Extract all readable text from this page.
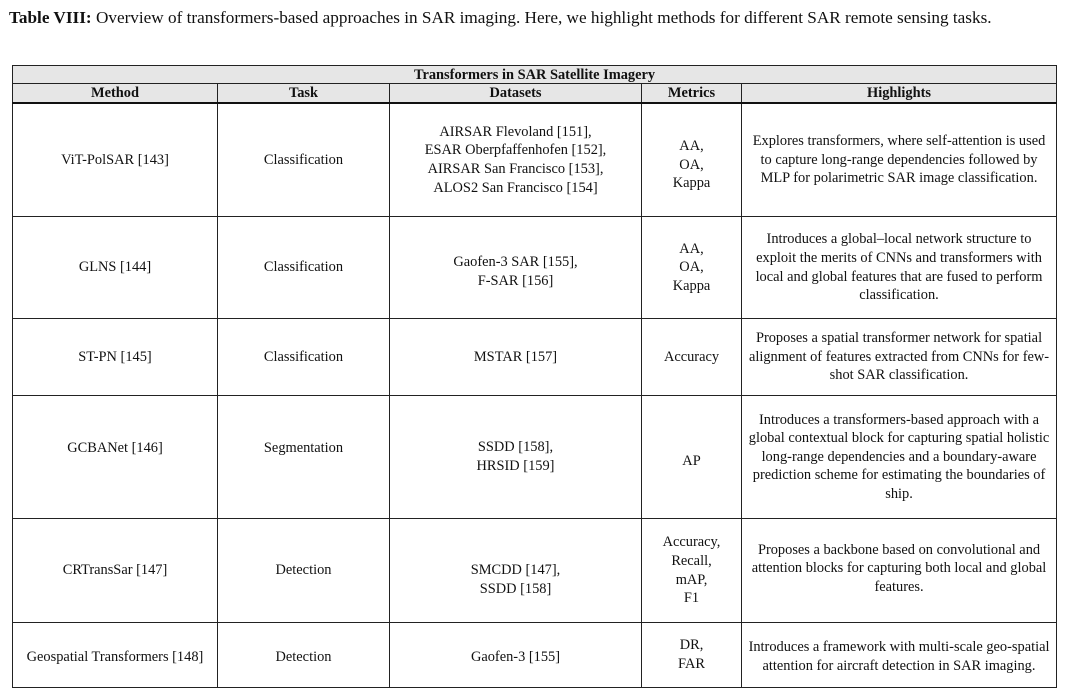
Table VIII: Overview of transformers-based approaches in SAR imaging. Here, we highlight methods for different SAR remote sensing tasks.
Transformers in SAR Satellite Imagery				
Method	Task	Datasets	Metrics	Highlights
ViT-PolSAR [143]	Classification	AIRSAR Flevoland [151],
ESAR Oberpfaffenhofen [152],
AIRSAR San Francisco [153],
ALOS2 San Francisco [154]	AA,
OA,
Kappa	Explores transformers, where self-attention is used to capture long-range dependencies followed by MLP for polarimetric SAR image classification.
GLNS [144]	Classification	Gaofen-3 SAR [155],
F-SAR [156]	AA,
OA,
Kappa	Introduces a global–local network structure to exploit the merits of CNNs and transformers with local and global features that are fused to perform classification.
ST-PN [145]	Classification	MSTAR [157]	Accuracy	Proposes a spatial transformer network for spatial alignment of features extracted from CNNs for few-shot SAR classification.
GCBANet [146]	Segmentation	SSDD [158],
HRSID [159]	AP	Introduces a transformers-based approach with a global contextual block for capturing spatial holistic long-range dependencies and a boundary-aware prediction scheme for estimating the boundaries of ship.
CRTransSar [147]	Detection	SMCDD [147],
SSDD [158]	Accuracy,
Recall,
mAP,
F1	Proposes a backbone based on convolutional and attention blocks for capturing both local and global features.
Geospatial Transformers [148]	Detection	Gaofen-3 [155]	DR,
FAR	Introduces a framework with multi-scale geo-spatial attention for aircraft detection in SAR imaging.
